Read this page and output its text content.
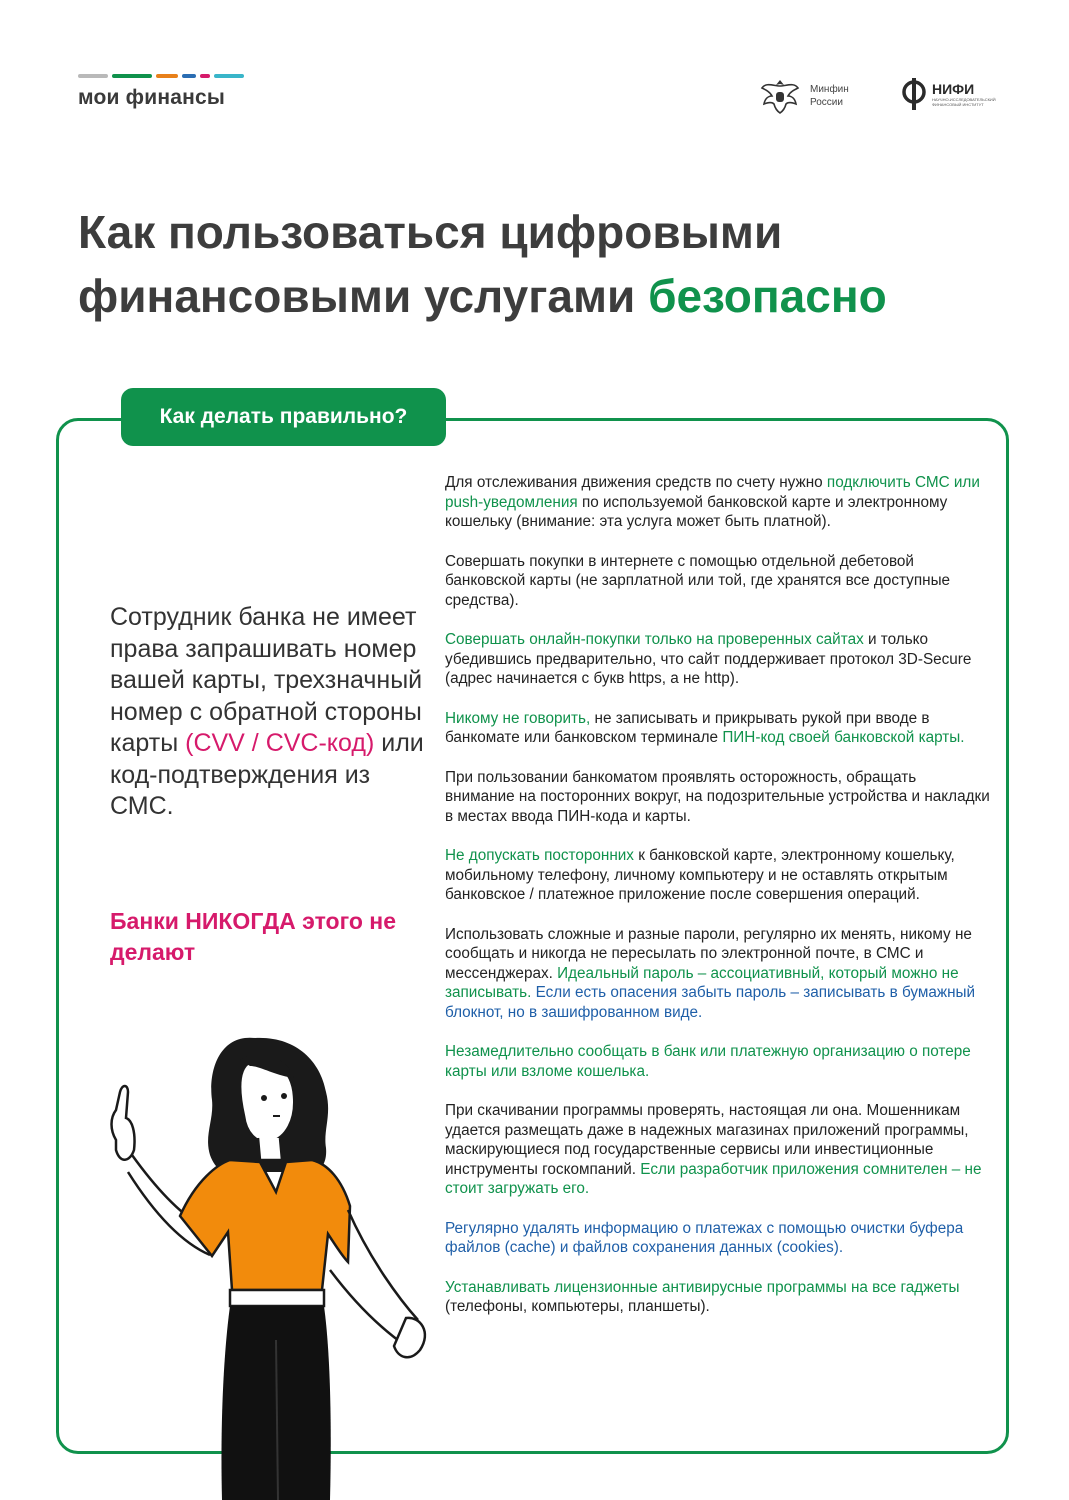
мои финансы	Минфин
России
НИФИ
НАУЧНО-ИССЛЕДОВАТЕЛЬСКИЙ ФИНАНСОВЫЙ ИНСТИТУТ
Как пользоваться цифровыми
финансовыми услугами безопасно
Как делать правильно?
Сотрудник банка не имеет права запрашивать номер вашей карты, трехзначный номер с обратной стороны карты (CVV / CVC-код) или код-подтверждения из СМС.
Банки НИКОГДА этого не делают

Для отслеживания движения средств по счету нужно подключить СМС или push-уведомления по используемой банковской карте и электронному кошельку (внимание: эта услуга может быть платной).

Совершать покупки в интернете с помощью отдельной дебетовой банковской карты (не зарплатной или той, где хранятся все доступные средства).

Совершать онлайн-покупки только на проверенных сайтах и только убедившись предварительно, что сайт поддерживает протокол 3D-Secure (адрес начинается с букв https, а не http).

Никому не говорить, не записывать и прикрывать рукой при вводе в банкомате или банковском терминале ПИН-код своей банковской карты.

При пользовании банкоматом проявлять осторожность, обращать внимание на посторонних вокруг, на подозрительные устройства и накладки в местах ввода ПИН-кода и карты.

Не допускать посторонних к банковской карте, электронному кошельку, мобильному телефону, личному компьютеру и не оставлять открытым банковское / платежное приложение после совершения операций.

Использовать сложные и разные пароли, регулярно их менять, никому не сообщать и никогда не пересылать по электронной почте, в СМС и мессенджерах. Идеальный пароль – ассоциативный, который можно не записывать. Если есть опасения забыть пароль – записывать в бумажный блокнот, но в зашифрованном виде.

Незамедлительно сообщать в банк или платежную организацию о потере карты или взломе кошелька.

При скачивании программы проверять, настоящая ли она. Мошенникам удается размещать даже в надежных магазинах приложений программы, маскирующиеся под государственные сервисы или инвестиционные инструменты госкомпаний. Если разработчик приложения сомнителен – не стоит загружать его.

Регулярно удалять информацию о платежах с помощью очистки буфера файлов (cache) и файлов сохранения данных (cookies).

Устанавливать лицензионные антивирусные программы на все гаджеты (телефоны, компьютеры, планшеты).
